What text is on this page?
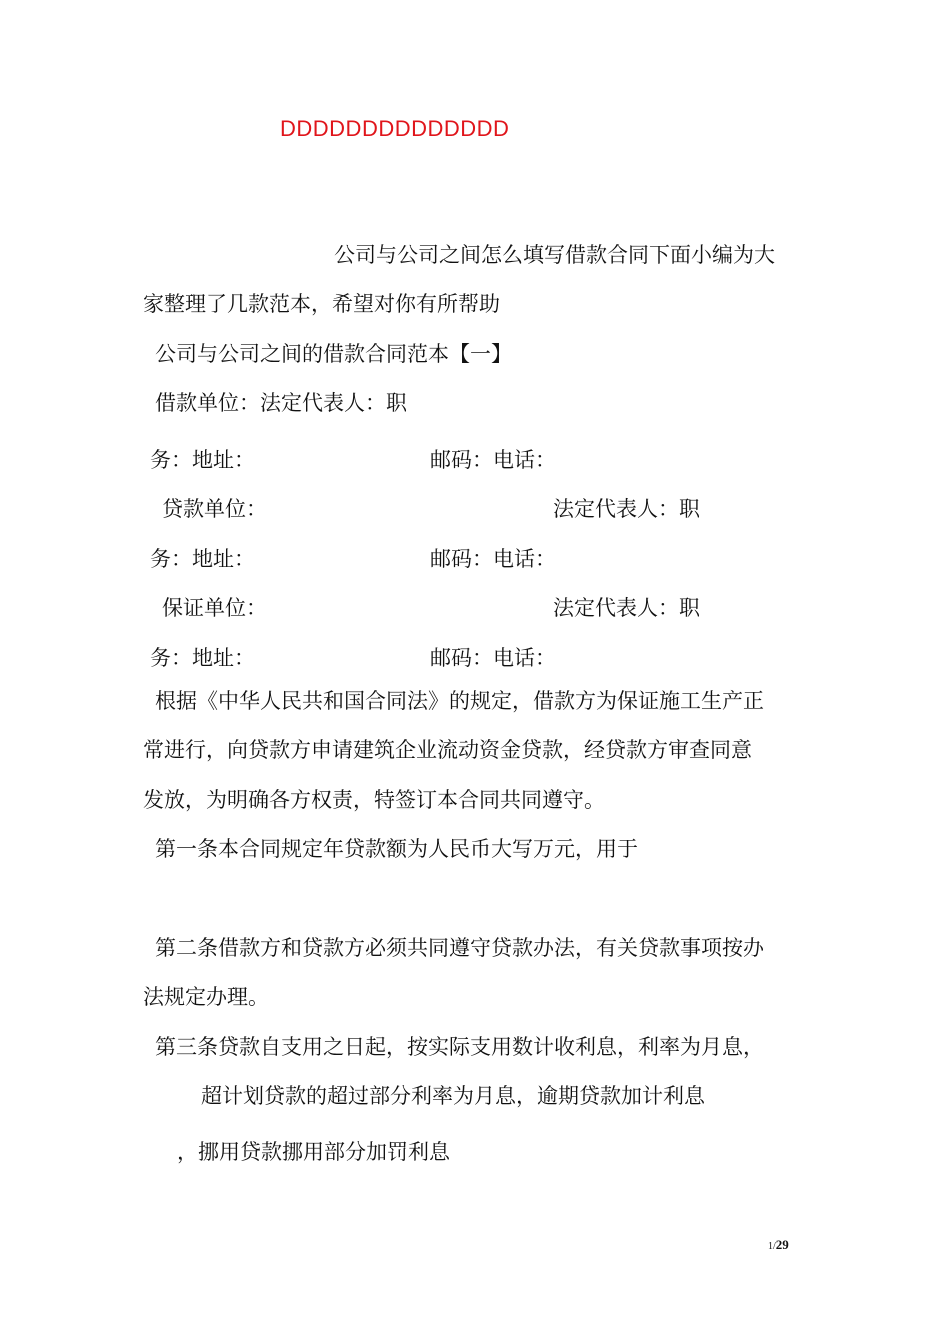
DDDDDDDDDDDDDD
公司与公司之间怎么填写借款合同下面小编为大
家整理了几款范本，希望对你有所帮助
公司与公司之间的借款合同范本【一】
借款单位：法定代表人：职
务：地址：	邮码：电话：
贷款单位：	法定代表人：职
务：地址：	邮码：电话：
保证单位：	法定代表人：职
务：地址：	邮码：电话：
根据《中华人民共和国合同法》的规定，借款方为保证施工生产正
常进行，向贷款方申请建筑企业流动资金贷款，经贷款方审查同意
发放，为明确各方权责，特签订本合同共同遵守。
第一条本合同规定年贷款额为人民币大写万元，用于
第二条借款方和贷款方必须共同遵守贷款办法，有关贷款事项按办
法规定办理。
第三条贷款自支用之日起，按实际支用数计收利息，利率为月息，
超计划贷款的超过部分利率为月息，逾期贷款加计利息
，挪用贷款挪用部分加罚利息
1/29
